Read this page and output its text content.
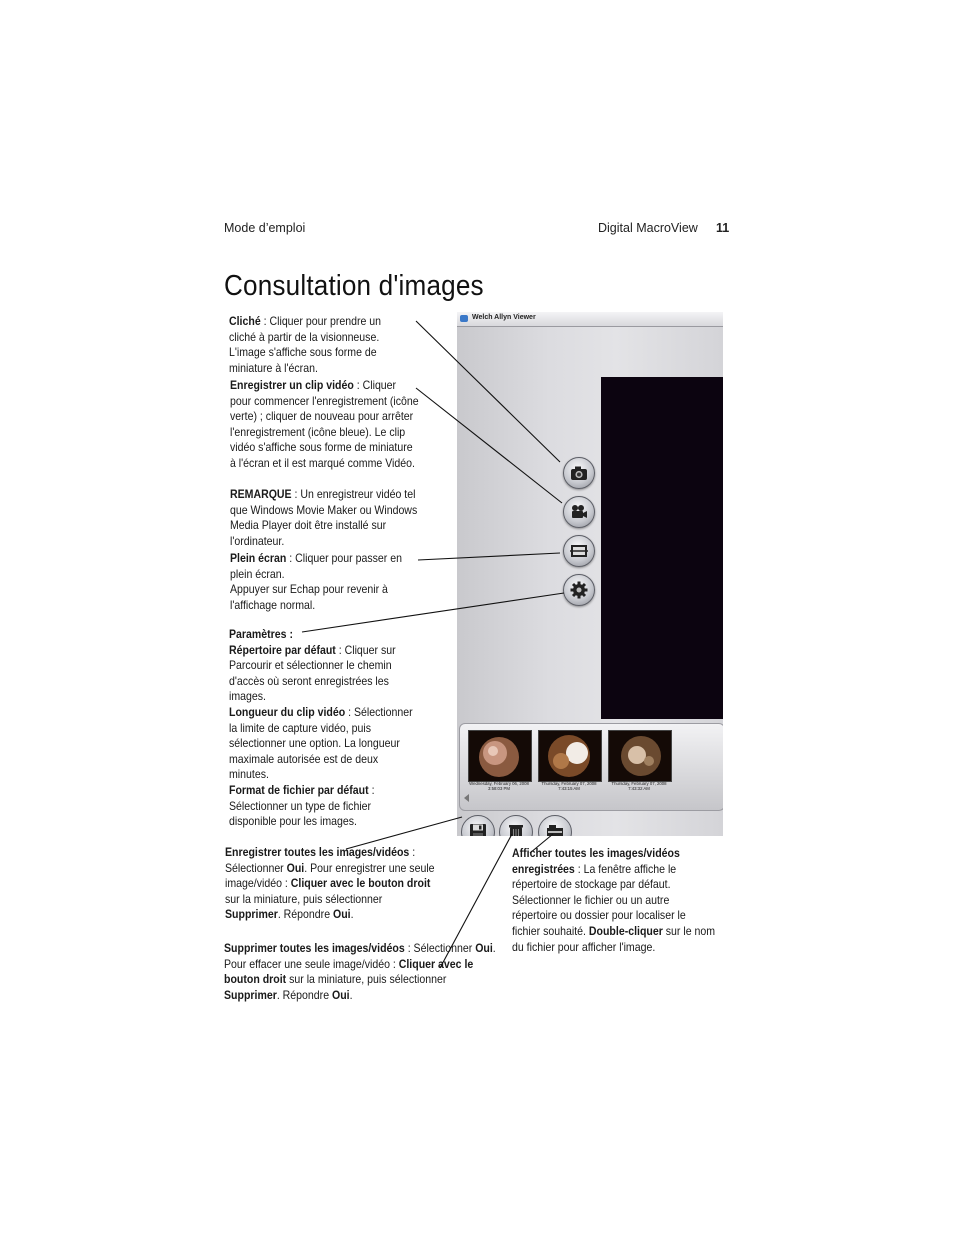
Mode d’emploi	Digital MacroView 11
Consultation d'images
Cliché : Cliquer pour prendre un cliché à partir de la visionneuse. L'image s'affiche sous forme de miniature à l'écran.
Enregistrer un clip vidéo : Cliquer pour commencer l'enregistrement (icône verte) ; cliquer de nouveau pour arrêter l'enregistrement (icône bleue). Le clip vidéo s'affiche sous forme de miniature à l'écran et il est marqué comme Vidéo.
REMARQUE : Un enregistreur vidéo tel que Windows Movie Maker ou Windows Media Player doit être installé sur l'ordinateur.

Plein écran : Cliquer pour passer en plein écran.

Appuyer sur Echap pour revenir à l'affichage normal.

Paramètres :

Répertoire par défaut : Cliquer sur Parcourir et sélectionner le chemin d'accès où seront enregistrées les images.

Longueur du clip vidéo : Sélectionner la limite de capture vidéo, puis sélectionner une option. La longueur maximale autorisée est de deux minutes.

Format de fichier par défaut : Sélectionner un type de fichier disponible pour les images.

Enregistrer toutes les images/vidéos : Sélectionner Oui. Pour enregistrer une seule image/vidéo : Cliquer avec le bouton droit sur la miniature, puis sélectionner Supprimer. Répondre Oui.
Supprimer toutes les images/vidéos : Sélectionner Oui. Pour effacer une seule image/vidéo : Cliquer avec le bouton droit sur la miniature, puis sélectionner Supprimer. Répondre Oui.
Afficher toutes les images/vidéos enregistrées : La fenêtre affiche le répertoire de stockage par défaut. Sélectionner le fichier ou un autre répertoire ou dossier pour localiser le fichier souhaité. Double-cliquer sur le nom du fichier pour afficher l'image.
Welch Allyn Viewer
Wednesday, February 06, 2008
3:58:03 PM
Thursday, February 07, 2008
7:43:15 AM
Thursday, February 07, 2008
7:43:32 AM
